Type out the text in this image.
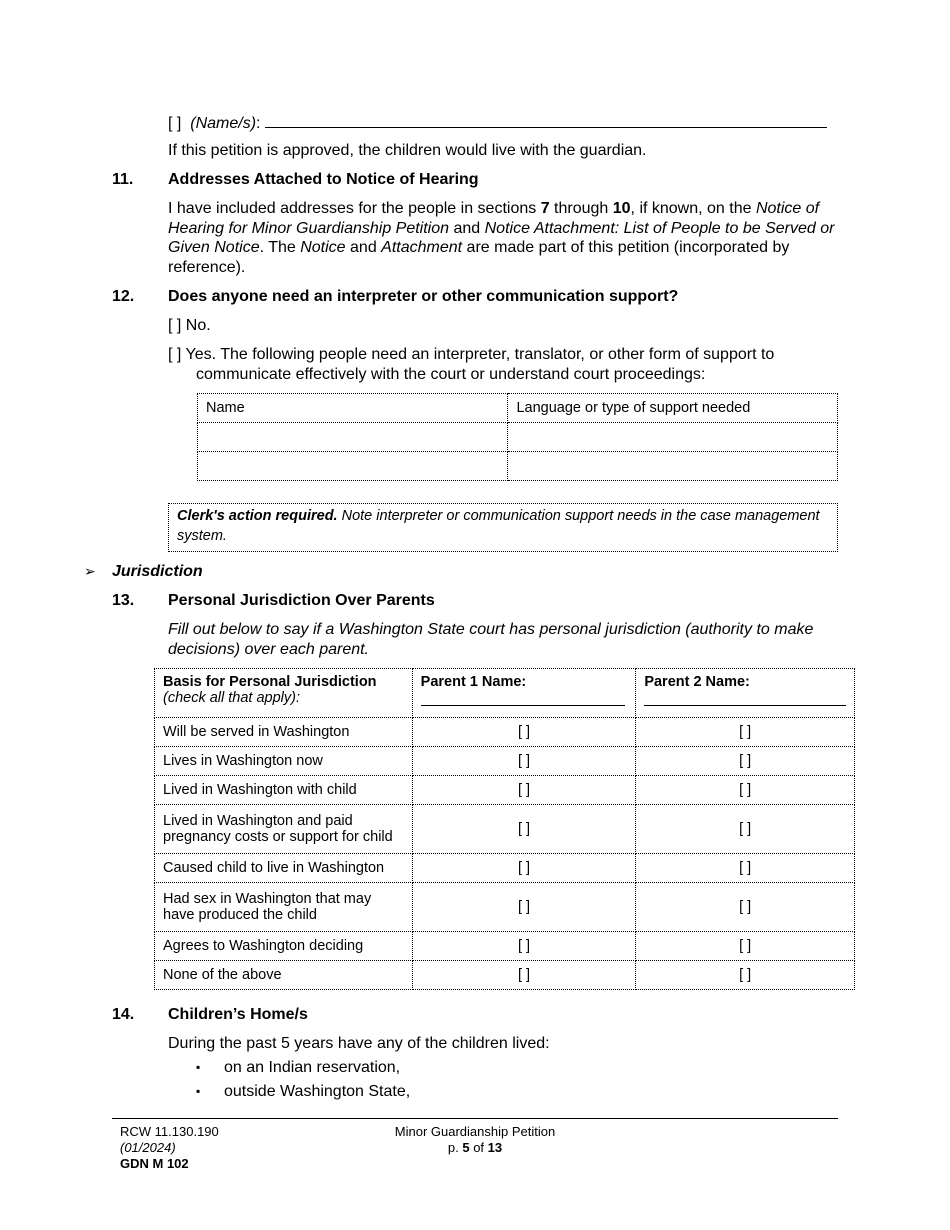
[ ] (Name/s):
If this petition is approved, the children would live with the guardian.
11. Addresses Attached to Notice of Hearing
I have included addresses for the people in sections 7 through 10, if known, on the Notice of Hearing for Minor Guardianship Petition and Notice Attachment: List of People to be Served or Given Notice. The Notice and Attachment are made part of this petition (incorporated by reference).
12. Does anyone need an interpreter or other communication support?
[ ] No.
[ ] Yes. The following people need an interpreter, translator, or other form of support to communicate effectively with the court or understand court proceedings:
Name	Language or type of support needed

Clerk's action required. Note interpreter or communication support needs in the case management system.
➢ Jurisdiction
13. Personal Jurisdiction Over Parents
Fill out below to say if a Washington State court has personal jurisdiction (authority to make decisions) over each parent.
Basis for Personal Jurisdiction
(check all that apply):	Parent 1 Name:	Parent 2 Name:

Will be served in Washington	[ ]	[ ]
Lives in Washington now	[ ]	[ ]
Lived in Washington with child	[ ]	[ ]
Lived in Washington and paid pregnancy costs or support for child	[ ]	[ ]
Caused child to live in Washington	[ ]	[ ]
Had sex in Washington that may have produced the child	[ ]	[ ]
Agrees to Washington deciding	[ ]	[ ]
None of the above	[ ]	[ ]
14. Children’s Home/s
During the past 5 years have any of the children lived:
▪ on an Indian reservation,
▪ outside Washington State,
RCW 11.130.190
(01/2024)
GDN M 102
Minor Guardianship Petition
p. 5 of 13
